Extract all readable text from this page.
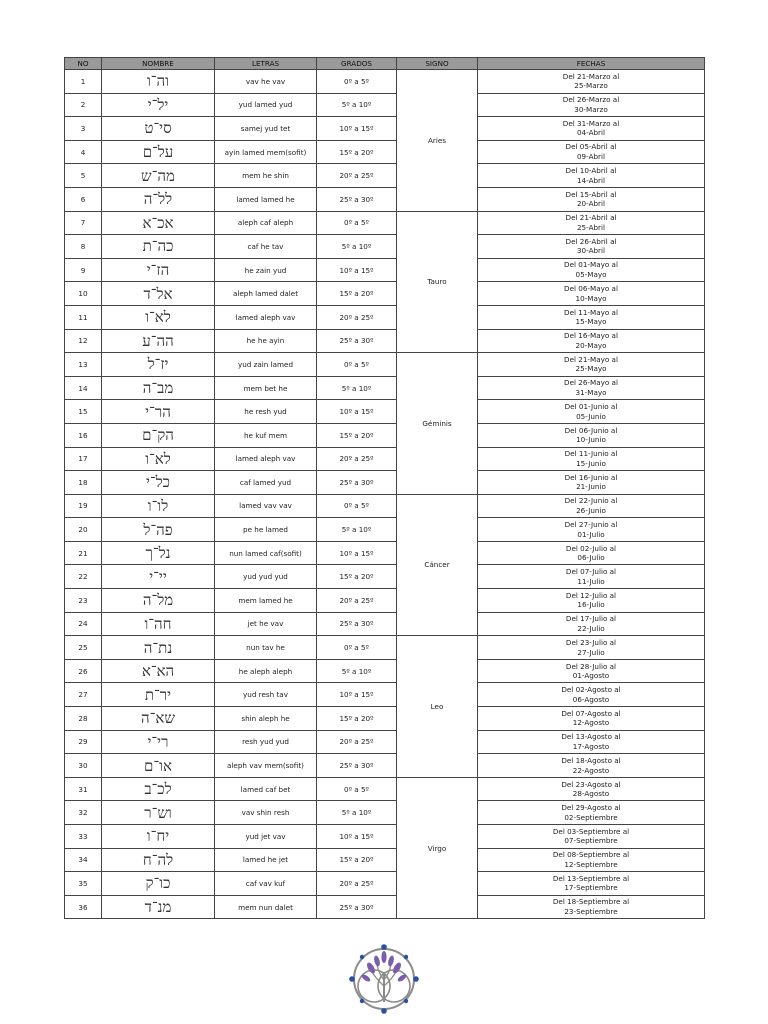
NO	NOMBRE	LETRAS	GRADOS	SIGNO	FECHAS
1	וה־ו	vav he vav	0º a 5º	Aries	Del 21-Marzo al
25-Marzo

2	יל־י	yud lamed yud	5º a 10º		Del 26-Marzo al
30-Marzo

3	סי־ט	samej yud tet	10º a 15º		Del 31-Marzo al
04-Abril

4	על־ם	ayin lamed mem(sofit)	15º a 20º		Del 05-Abril al
09-Abril

5	מה־ש	mem he shin	20º a 25º		Del 10-Abril al
14-Abril

6	לל־ה	lamed lamed he	25º a 30º		Del 15-Abril al
20-Abril

7	אכ־א	aleph caf aleph	0º a 5º	Tauro	Del 21-Abril al
25-Abril

8	כה־ת	caf he tav	5º a 10º		Del 26-Abril al
30-Abril

9	הז־י	he zain yud	10º a 15º		Del 01-Mayo al
05-Mayo

10	אל־ד	aleph lamed dalet	15º a 20º		Del 06-Mayo al
10-Mayo

11	לא־ו	lamed aleph vav	20º a 25º		Del 11-Mayo al
15-Mayo

12	הה־ע	he he ayin	25º a 30º		Del 16-Mayo al
20-Mayo

13	יז־ל	yud zain lamed	0º a 5º	Géminis	Del 21-Mayo al
25-Mayo

14	מב־ה	mem bet he	5º a 10º		Del 26-Mayo al
31-Mayo

15	הר־י	he resh yud	10º a 15º		Del 01-Junio al
05-Junio

16	הק־ם	he kuf mem	15º a 20º		Del 06-Junio al
10-Junio

17	לא־ו	lamed aleph vav	20º a 25º		Del 11-Junio al
15-Junio

18	כל־י	caf lamed yud	25º a 30º		Del 16-Junio al
21-Junio

19	לו־ו	lamed vav vav	0º a 5º	Cáncer	Del 22-Junio al
26-Junio

20	פה־ל	pe he lamed	5º a 10º		Del 27-Junio al
01-Julio

21	נל־ך	nun lamed caf(sofit)	10º a 15º		Del 02-Julio al
06-Julio

22	יי־י	yud yud yud	15º a 20º		Del 07-Julio al
11-Julio

23	מל־ה	mem lamed he	20º a 25º		Del 12-Julio al
16-Julio

24	חה־ו	jet he vav	25º a 30º		Del 17-Julio al
22-Julio

25	נת־ה	nun tav he	0º a 5º	Leo	Del 23-Julio al
27-Julio

26	הא־א	he aleph aleph	5º a 10º		Del 28-Julio al
01-Agosto

27	יר־ת	yud resh tav	10º a 15º		Del 02-Agosto al
06-Agosto

28	שא־ה	shin aleph he	15º a 20º		Del 07-Agosto al
12-Agosto

29	רי־י	resh yud yud	20º a 25º		Del 13-Agosto al
17-Agosto

30	או־ם	aleph vav mem(sofit)	25º a 30º		Del 18-Agosto al
22-Agosto

31	לכ־ב	lamed caf bet	0º a 5º	Virgo	Del 23-Agosto al
28-Agosto

32	וש־ר	vav shin resh	5º a 10º		Del 29-Agosto al
02-Septiembre

33	יח־ו	yud jet vav	10º a 15º		Del 03-Septiembre al
07-Septiembre

34	לה־ח	lamed he jet	15º a 20º		Del 08-Septiembre al
12-Septiembre

35	כו־ק	caf vav kuf	20º a 25º		Del 13-Septiembre al
17-Septiembre

36	מנ־ד	mem nun dalet	25º a 30º		Del 18-Septiembre al
23-Septiembre
